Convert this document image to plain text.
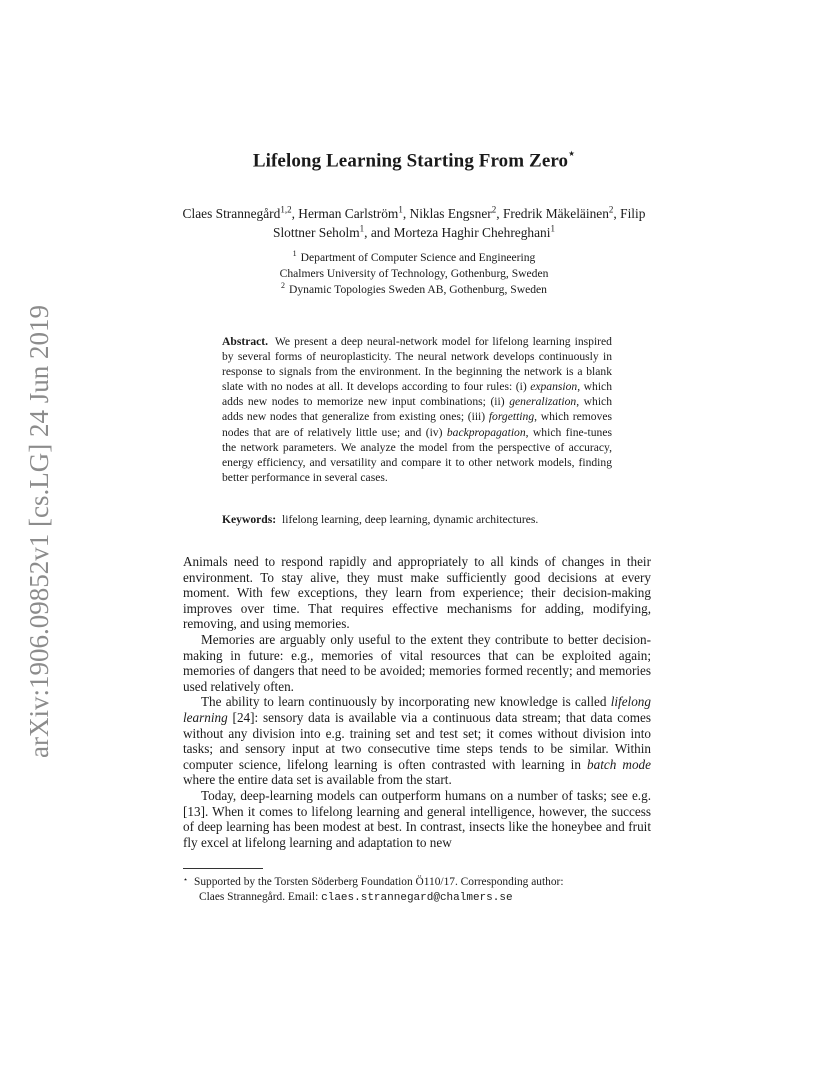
arXiv:1906.09852v1 [cs.LG] 24 Jun 2019
Lifelong Learning Starting From Zero⋆
Claes Strannegård$^{1,2}$, Herman Carlström$^1$, Niklas Engsner$^2$, Fredrik Mäkeläinen$^2$, Filip Slottner Seholm$^1$, and Morteza Haghir Chehreghani$^1$
$^1$ Department of Computer Science and Engineering
Chalmers University of Technology, Gothenburg, Sweden
$^2$ Dynamic Topologies Sweden AB, Gothenburg, Sweden
Abstract. We present a deep neural-network model for lifelong learning inspired by several forms of neuroplasticity. The neural network develops continuously in response to signals from the environment. In the beginning the network is a blank slate with no nodes at all. It develops according to four rules: (i) expansion, which adds new nodes to memorize new input combinations; (ii) generalization, which adds new nodes that generalize from existing ones; (iii) forgetting, which removes nodes that are of relatively little use; and (iv) backpropagation, which fine-tunes the network parameters. We analyze the model from the perspective of accuracy, energy efficiency, and versatility and compare it to other network models, finding better performance in several cases.
Keywords: lifelong learning, deep learning, dynamic architectures.

Animals need to respond rapidly and appropriately to all kinds of changes in their environment. To stay alive, they must make sufficiently good decisions at every moment. With few exceptions, they learn from experience; their decision-making improves over time. That requires effective mechanisms for adding, modifying, removing, and using memories.

Memories are arguably only useful to the extent they contribute to better decision-making in future: e.g., memories of vital resources that can be exploited again; memories of dangers that need to be avoided; memories formed recently; and memories used relatively often.

The ability to learn continuously by incorporating new knowledge is called lifelong learning [24]: sensory data is available via a continuous data stream; that data comes without any division into e.g. training set and test set; it comes without division into tasks; and sensory input at two consecutive time steps tends to be similar. Within computer science, lifelong learning is often contrasted with learning in batch mode where the entire data set is available from the start.

Today, deep-learning models can outperform humans on a number of tasks; see e.g. [13]. When it comes to lifelong learning and general intelligence, however, the success of deep learning has been modest at best. In contrast, insects like the honeybee and fruit fly excel at lifelong learning and adaptation to new

⋆ Supported by the Torsten Söderberg Foundation Ö110/17. Corresponding author:
Claes Strannegård. Email: claes.strannegard@chalmers.se
